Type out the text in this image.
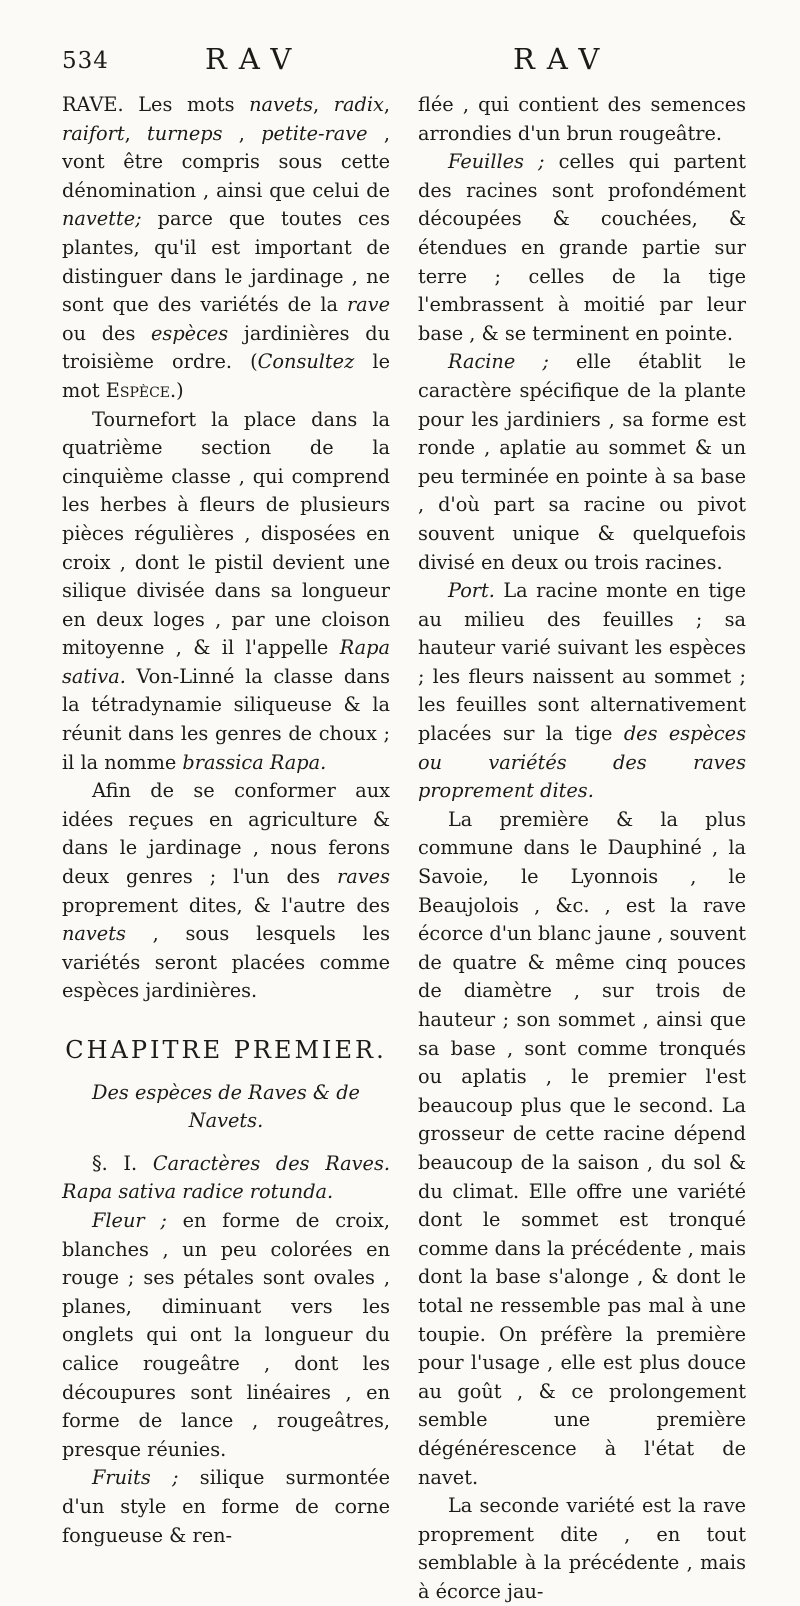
534	RAV	RAV

RAVE. Les mots navets, radix, raifort, turneps , petite-rave , vont être compris sous cette dénomination , ainsi que celui de navette; parce que toutes ces plantes, qu'il est important de distinguer dans le jardinage , ne sont que des variétés de la rave ou des espèces jardinières du troisième ordre. (Consultez le mot Espèce.)

Tournefort la place dans la quatrième section de la cinquième classe , qui comprend les herbes à fleurs de plusieurs pièces régulières , disposées en croix , dont le pistil devient une silique divisée dans sa longueur en deux loges , par une cloison mitoyenne , & il l'appelle Rapa sativa. Von-Linné la classe dans la tétradynamie siliqueuse & la réunit dans les genres de choux ; il la nomme brassica Rapa.

Afin de se conformer aux idées reçues en agriculture & dans le jardinage , nous ferons deux genres ; l'un des raves proprement dites, & l'autre des navets , sous lesquels les variétés seront placées comme espèces jardinières.

CHAPITRE PREMIER.
Des espèces de Raves & de Navets.

§. I. Caractères des Raves. Rapa sativa radice rotunda.

Fleur ; en forme de croix, blanches , un peu colorées en rouge ; ses pétales sont ovales , planes, diminuant vers les onglets qui ont la longueur du calice rougeâtre , dont les découpures sont linéaires , en forme de lance , rougeâtres, presque réunies.

Fruits ; silique surmontée d'un style en forme de corne fongueuse & ren-

flée , qui contient des semences arrondies d'un brun rougeâtre.

Feuilles ; celles qui partent des racines sont profondément découpées & couchées, & étendues en grande partie sur terre ; celles de la tige l'embrassent à moitié par leur base , & se terminent en pointe.

Racine ; elle établit le caractère spécifique de la plante pour les jardiniers , sa forme est ronde , aplatie au sommet & un peu terminée en pointe à sa base , d'où part sa racine ou pivot souvent unique & quelquefois divisé en deux ou trois racines.

Port. La racine monte en tige au milieu des feuilles ; sa hauteur varié suivant les espèces ; les fleurs naissent au sommet ; les feuilles sont alternativement placées sur la tige des espèces ou variétés des raves proprement dites.

La première & la plus commune dans le Dauphiné , la Savoie, le Lyonnois , le Beaujolois , &c. , est la rave écorce d'un blanc jaune , souvent de quatre & même cinq pouces de diamètre , sur trois de hauteur ; son sommet , ainsi que sa base , sont comme tronqués ou aplatis , le premier l'est beaucoup plus que le second. La grosseur de cette racine dépend beaucoup de la saison , du sol & du climat. Elle offre une variété dont le sommet est tronqué comme dans la précédente , mais dont la base s'alonge , & dont le total ne ressemble pas mal à une toupie. On préfère la première pour l'usage , elle est plus douce au goût , & ce prolongement semble une première dégénérescence à l'état de navet.

La seconde variété est la rave proprement dite , en tout semblable à la précédente , mais à écorce jau-
